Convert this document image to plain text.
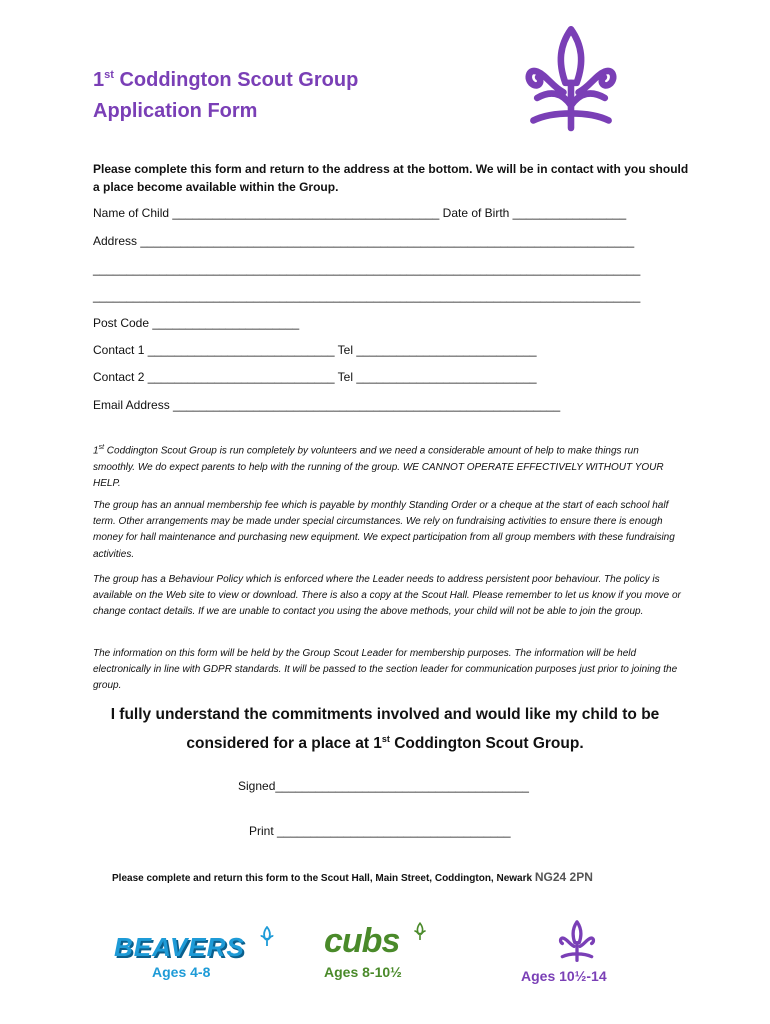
1st Coddington Scout Group
Application Form
Please complete this form and return to the address at the bottom. We will be in contact with you should a place become available within the Group.
Name of Child ________________________________________ Date of Birth _________________
Address __________________________________________________________________________
__________________________________________________________________________________
__________________________________________________________________________________
Post Code ______________________
Contact 1 ____________________________ Tel ___________________________
Contact 2 ____________________________ Tel ___________________________
Email Address __________________________________________________________
1st Coddington Scout Group is run completely by volunteers and we need a considerable amount of help to make things run smoothly. We do expect parents to help with the running of the group. WE CANNOT OPERATE EFFECTIVELY WITHOUT YOUR HELP.
The group has an annual membership fee which is payable by monthly Standing Order or a cheque at the start of each school half term. Other arrangements may be made under special circumstances. We rely on fundraising activities to ensure there is enough money for hall maintenance and purchasing new equipment. We expect participation from all group members with these fundraising activities.
The group has a Behaviour Policy which is enforced where the Leader needs to address persistent poor behaviour. The policy is available on the Web site to view or download. There is also a copy at the Scout Hall. Please remember to let us know if you move or change contact details. If we are unable to contact you using the above methods, your child will not be able to join the group.
The information on this form will be held by the Group Scout Leader for membership purposes. The information will be held electronically in line with GDPR standards. It will be passed to the section leader for communication purposes just prior to joining the group.
I fully understand the commitments involved and would like my child to be
considered for a place at 1st Coddington Scout Group.
Signed______________________________________
Print ___________________________________
Please complete and return this form to the Scout Hall, Main Street, Coddington, Newark NG24 2PN
BEAVERS
Ages 4-8
cubs
Ages 8-10½	Ages 10½-14
